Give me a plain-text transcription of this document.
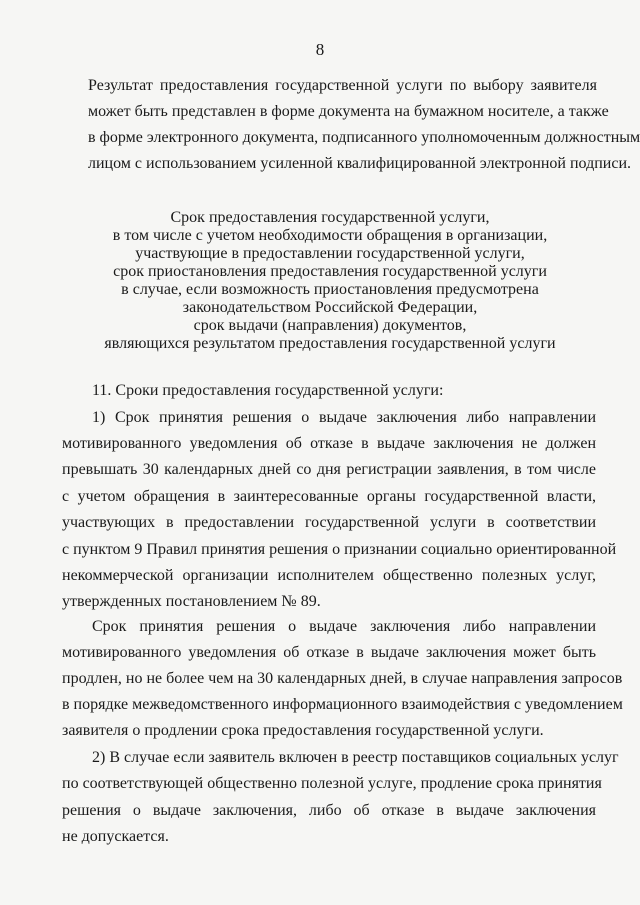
8
Результат предоставления государственной услуги по выбору заявителя
может быть представлен в форме документа на бумажном носителе, а также
в форме электронного документа, подписанного уполномоченным должностным
лицом с использованием усиленной квалифицированной электронной подписи.
Срок предоставления государственной услуги,
в том числе с учетом необходимости обращения в организации,
участвующие в предоставлении государственной услуги,
срок приостановления предоставления государственной услуги
в случае, если возможность приостановления предусмотрена
законодательством Российской Федерации,
срок выдачи (направления) документов,
являющихся результатом предоставления государственной услуги
11. Сроки предоставления государственной услуги:
1) Срок принятия решения о выдаче заключения либо направлении
мотивированного уведомления об отказе в выдаче заключения не должен
превышать 30 календарных дней со дня регистрации заявления, в том числе
с учетом обращения в заинтересованные органы государственной власти,
участвующих в предоставлении государственной услуги в соответствии
с пунктом 9 Правил принятия решения о признании социально ориентированной
некоммерческой организации исполнителем общественно полезных услуг,
утвержденных постановлением № 89.
Срок принятия решения о выдаче заключения либо направлении
мотивированного уведомления об отказе в выдаче заключения может быть
продлен, но не более чем на 30 календарных дней, в случае направления запросов
в порядке межведомственного информационного взаимодействия с уведомлением
заявителя о продлении срока предоставления государственной услуги.
2) В случае если заявитель включен в реестр поставщиков социальных услуг
по соответствующей общественно полезной услуге, продление срока принятия
решения о выдаче заключения, либо об отказе в выдаче заключения
не допускается.
